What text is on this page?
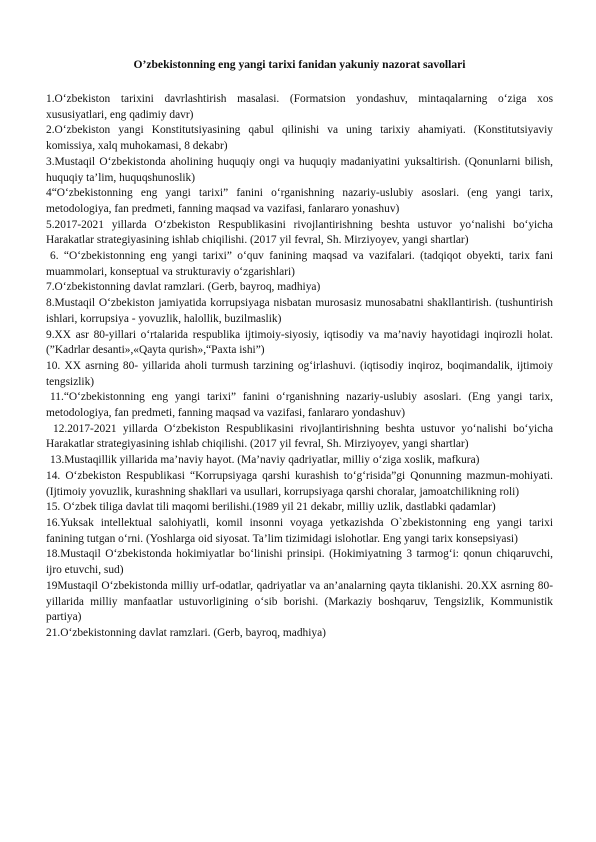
O’zbekistonning eng yangi tarixi fanidan yakuniy nazorat savollari

1.O‘zbekiston tarixini davrlashtirish masalasi. (Formatsion yondashuv, mintaqalarning o‘ziga xos xususiyatlari, eng qadimiy davr)

2.O‘zbekiston yangi Konstitutsiyasining qabul qilinishi va uning tarixiy ahamiyati. (Konstitutsiyaviy komissiya, xalq muhokamasi, 8 dekabr)

3.Mustaqil O‘zbekistonda aholining huquqiy ongi va huquqiy madaniyatini yuksaltirish. (Qonunlarni bilish, huquqiy ta’lim, huquqshunoslik)

4“O‘zbekistonning eng yangi tarixi” fanini o‘rganishning nazariy-uslubiy asoslari. (eng yangi tarix, metodologiya, fan predmeti, fanning maqsad va vazifasi, fanlararo yonashuv)

5.2017-2021 yillarda O‘zbekiston Respublikasini rivojlantirishning beshta ustuvor yo‘nalishi bo‘yicha Harakatlar strategiyasining ishlab chiqilishi. (2017 yil fevral, Sh. Mirziyoyev, yangi shartlar)

6. “O‘zbekistonning eng yangi tarixi” o‘quv fanining maqsad va vazifalari. (tadqiqot obyekti, tarix fani muammolari, konseptual va strukturaviy o‘zgarishlari)

7.O‘zbekistonning davlat ramzlari. (Gerb, bayroq, madhiya)

8.Mustaqil O‘zbekiston jamiyatida korrupsiyaga nisbatan murosasiz munosabatni shakllantirish. (tushuntirish ishlari, korrupsiya - yovuzlik, halollik, buzilmaslik)

9.XX asr 80-yillari o‘rtalarida respublika ijtimoiy-siyosiy, iqtisodiy va ma’naviy hayotidagi inqirozli holat. (”Kadrlar desanti»,«Qayta qurish»,“Paxta ishi”)

10. XX asrning 80- yillarida aholi turmush tarzining og‘irlashuvi. (iqtisodiy inqiroz, boqimandalik, ijtimoiy tengsizlik)

11.“O‘zbekistonning eng yangi tarixi” fanini o‘rganishning nazariy-uslubiy asoslari. (Eng yangi tarix, metodologiya, fan predmeti, fanning maqsad va vazifasi, fanlararo yondashuv)

12.2017-2021 yillarda O‘zbekiston Respublikasini rivojlantirishning beshta ustuvor yo‘nalishi bo‘yicha Harakatlar strategiyasining ishlab chiqilishi. (2017 yil fevral, Sh. Mirziyoyev, yangi shartlar)

13.Mustaqillik yillarida ma’naviy hayot. (Ma’naviy qadriyatlar, milliy o‘ziga xoslik, mafkura)

14. O‘zbekiston Respublikasi “Korrupsiyaga qarshi kurashish to‘g‘risida”gi Qonunning mazmun-mohiyati. (Ijtimoiy yovuzlik, kurashning shakllari va usullari, korrupsiyaga qarshi choralar, jamoatchilikning roli)

15. O‘zbek tiliga davlat tili maqomi berilishi.(1989 yil 21 dekabr, milliy uzlik, dastlabki qadamlar)

16.Yuksak intellektual salohiyatli, komil insonni voyaga yetkazishda O`zbekistonning eng yangi tarixi fanining tutgan o‘rni. (Yoshlarga oid siyosat. Ta’lim tizimidagi islohotlar. Eng yangi tarix konsepsiyasi)

18.Mustaqil O‘zbekistonda hokimiyatlar bo‘linishi prinsipi. (Hokimiyatning 3 tarmog‘i: qonun chiqaruvchi, ijro etuvchi, sud)

19Mustaqil O‘zbekistonda milliy urf-odatlar, qadriyatlar va an’analarning qayta tiklanishi. 20.XX asrning 80- yillarida milliy manfaatlar ustuvorligining o‘sib borishi. (Markaziy boshqaruv, Tengsizlik, Kommunistik partiya)

21.O‘zbekistonning davlat ramzlari. (Gerb, bayroq, madhiya)
